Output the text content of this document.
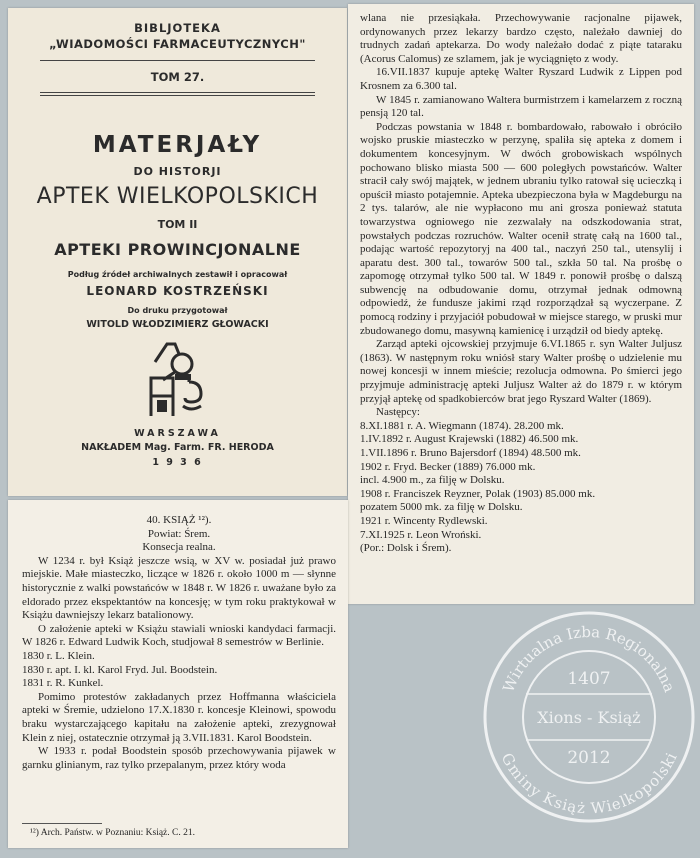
BIBLJOTEKA
„WIADOMOŚCI FARMACEUTYCZNYCH"
TOM 27.
MATERJAŁY
DO HISTORJI
APTEK WIELKOPOLSKICH
TOM II
APTEKI PROWINCJONALNE
Podług źródeł archiwalnych zestawił i opracował
LEONARD KOSTRZEŃSKI
Do druku przygotował
WITOLD WŁODZIMIERZ GŁOWACKI
WARSZAWA
NAKŁADEM Mag. Farm. FR. HERODA
1 9 3 6

wlana nie przesiąkała. Przechowywanie racjonalne pijawek, ordynowanych przez lekarzy bardzo często, należało dawniej do trudnych zadań aptekarza. Do wody należało dodać z piąte tataraku (Acorus Calomus) ze szlamem, jak je wyciągnięto z wody.

16.VII.1837 kupuje aptekę Walter Ryszard Ludwik z Lippen pod Krosnem za 6.300 tal.

W 1845 r. zamianowano Waltera burmistrzem i kamelarzem z roczną pensją 120 tal.

Podczas powstania w 1848 r. bombardowało, rabowało i obróciło wojsko pruskie miasteczko w perzynę, spaliła się apteka z domem i dokumentem koncesyjnym. W dwóch grobowiskach wspólnych pochowano blisko miasta 500 — 600 poległych powstańców. Walter stracił cały swój majątek, w jednem ubraniu tylko ratował się ucieczką i opuścił miasto potajemnie. Apteka ubezpieczona była w Magdeburgu na 2 tys. talarów, ale nie wypłacono mu ani grosza ponieważ statuta towarzystwa ogniowego nie zezwalały na odszkodowania strat, powstałych podczas rozruchów. Walter ocenił stratę całą na 1600 tal., podając wartość repozytoryj na 400 tal., naczyń 250 tal., utensylij i aparatu dest. 300 tal., towarów 500 tal., szkła 50 tal. Na prośbę o zapomogę otrzymał tylko 500 tal. W 1849 r. ponowił prośbę o dalszą subwencję na odbudowanie domu, otrzymał jednak odmowną odpowiedź, że fundusze jakimi rząd rozporządzał są wyczerpane. Z pomocą rodziny i przyjaciół pobudował w miejsce starego, w pruski mur zbudowanego domu, masywną kamienicę i urządził od biedy aptekę.

Zarząd apteki ojcowskiej przyjmuje 6.VI.1865 r. syn Walter Juljusz (1863). W następnym roku wniósł stary Walter prośbę o udzielenie mu nowej koncesji w innem mieście; rezolucja odmowna. Po śmierci jego przyjmuje administrację apteki Juljusz Walter aż do 1879 r. w którym przyjął aptekę od spadkobierców brat jego Ryszard Walter (1869).

Następcy:

8.XI.1881 r. A. Wiegmann (1874). 28.200 mk.

1.IV.1892 r. August Krajewski (1882) 46.500 mk.

1.VII.1896 r. Bruno Bajersdorf (1894) 48.500 mk.

1902 r. Fryd. Becker (1889) 76.000 mk.

incl. 4.900 m., za filję w Dolsku.

1908 r. Franciszek Reyzner, Polak (1903) 85.000 mk.

pozatem 5000 mk. za filję w Dolsku.

1921 r. Wincenty Rydlewski.

7.XI.1925 r. Leon Wroński.

(Por.: Dolsk i Śrem).

40. KSIĄŻ ¹²).

Powiat: Śrem.

Konsecja realna.

W 1234 r. był Książ jeszcze wsią, w XV w. posiadał już prawo miejskie. Małe miasteczko, liczące w 1826 r. około 1000 m — słynne historycznie z walki powstańców w 1848 r. W 1826 r. uważane było za eldorado przez ekspektantów na koncesję; w tym roku praktykował w Książu dawniejszy lekarz batalionowy.

O założenie apteki w Książu stawiali wnioski kandydaci farmacji. W 1826 r. Edward Ludwik Koch, studjował 8 semestrów w Berlinie.

1830 r. L. Klein.

1830 r. apt. I. kl. Karol Fryd. Jul. Boodstein.

1831 r. R. Kunkel.

Pomimo protestów zakładanych przez Hoffmanna właściciela apteki w Śremie, udzielono 17.X.1830 r. koncesje Kleinowi, spowodu braku wystarczającego kapitału na założenie apteki, zrezygnował Klein z niej, ostatecznie otrzymał ją 3.VII.1831. Karol Boodstein.

W 1933 r. podał Boodstein sposób przechowywania pijawek w garnku glinianym, raz tylko przepalanym, przez który woda

¹²) Arch. Państw. w Poznaniu: Książ. C. 21.
Wirtualna Izba Regionalna
Gminy Książ Wielkopolski
1407
Xions - Książ
2012
